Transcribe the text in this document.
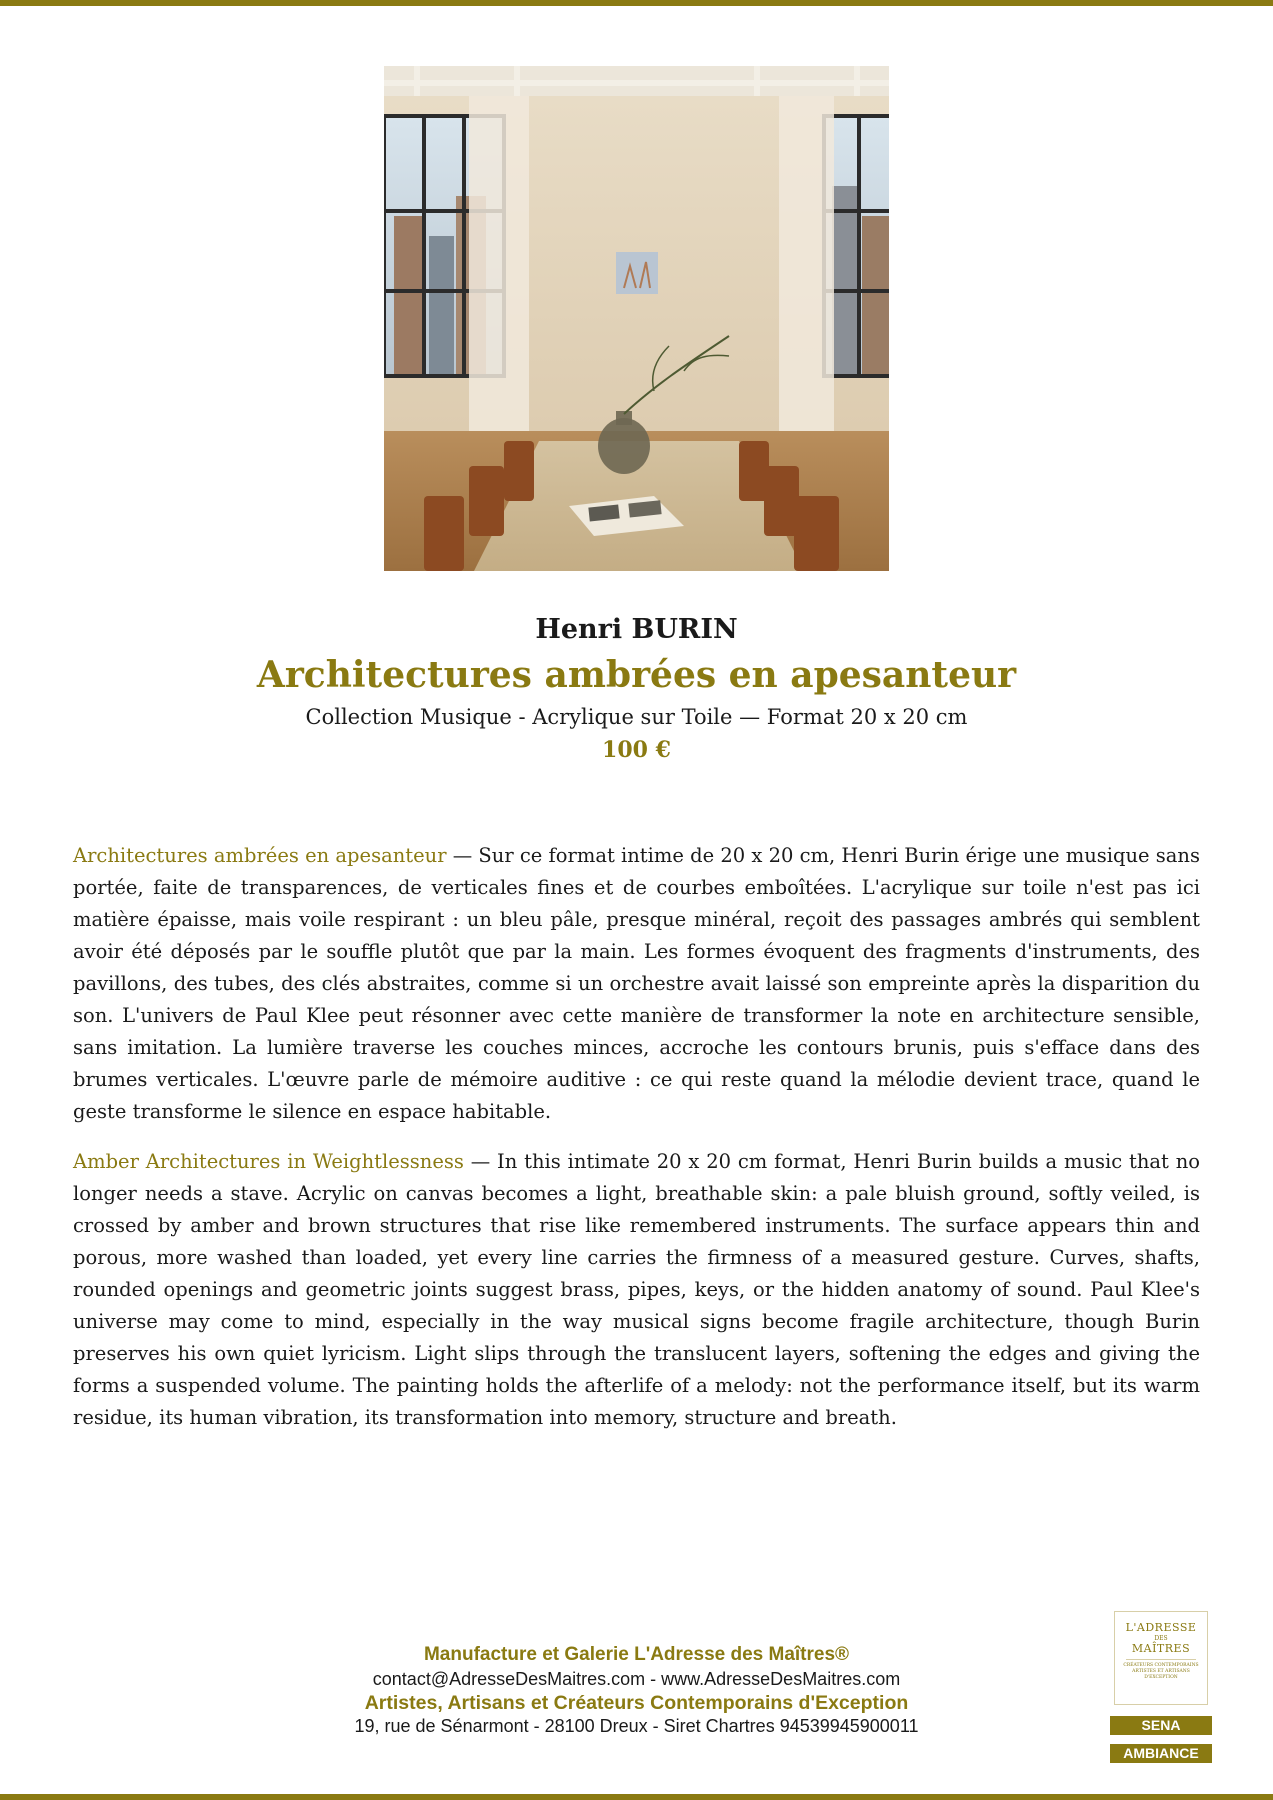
Henri BURIN
Architectures ambrées en apesanteur
Collection Musique - Acrylique sur Toile — Format 20 x 20 cm
100 €

Architectures ambrées en apesanteur — Sur ce format intime de 20 x 20 cm, Henri Burin érige une musique sans portée, faite de transparences, de verticales fines et de courbes emboîtées. L'acrylique sur toile n'est pas ici matière épaisse, mais voile respirant : un bleu pâle, presque minéral, reçoit des passages ambrés qui semblent avoir été déposés par le souffle plutôt que par la main. Les formes évoquent des fragments d'instruments, des pavillons, des tubes, des clés abstraites, comme si un orchestre avait laissé son empreinte après la disparition du son. L'univers de Paul Klee peut résonner avec cette manière de transformer la note en architecture sensible, sans imitation. La lumière traverse les couches minces, accroche les contours brunis, puis s'efface dans des brumes verticales. L'œuvre parle de mémoire auditive : ce qui reste quand la mélodie devient trace, quand le geste transforme le silence en espace habitable.

Amber Architectures in Weightlessness — In this intimate 20 x 20 cm format, Henri Burin builds a music that no longer needs a stave. Acrylic on canvas becomes a light, breathable skin: a pale bluish ground, softly veiled, is crossed by amber and brown structures that rise like remembered instruments. The surface appears thin and porous, more washed than loaded, yet every line carries the firmness of a measured gesture. Curves, shafts, rounded openings and geometric joints suggest brass, pipes, keys, or the hidden anatomy of sound. Paul Klee's universe may come to mind, especially in the way musical signs become fragile architecture, though Burin preserves his own quiet lyricism. Light slips through the translucent layers, softening the edges and giving the forms a suspended volume. The painting holds the afterlife of a melody: not the performance itself, but its warm residue, its human vibration, its transformation into memory, structure and breath.

Manufacture et Galerie L'Adresse des Maîtres®
contact@AdresseDesMaitres.com - www.AdresseDesMaitres.com
Artistes, Artisans et Créateurs Contemporains d'Exception
19, rue de Sénarmont - 28100 Dreux - Siret Chartres 94539945900011
L'ADRESSE
DES
MAÎTRES
CRÉATEURS CONTEMPORAINS ARTISTES ET ARTISANS D'EXCEPTION
SENA
AMBIANCE
